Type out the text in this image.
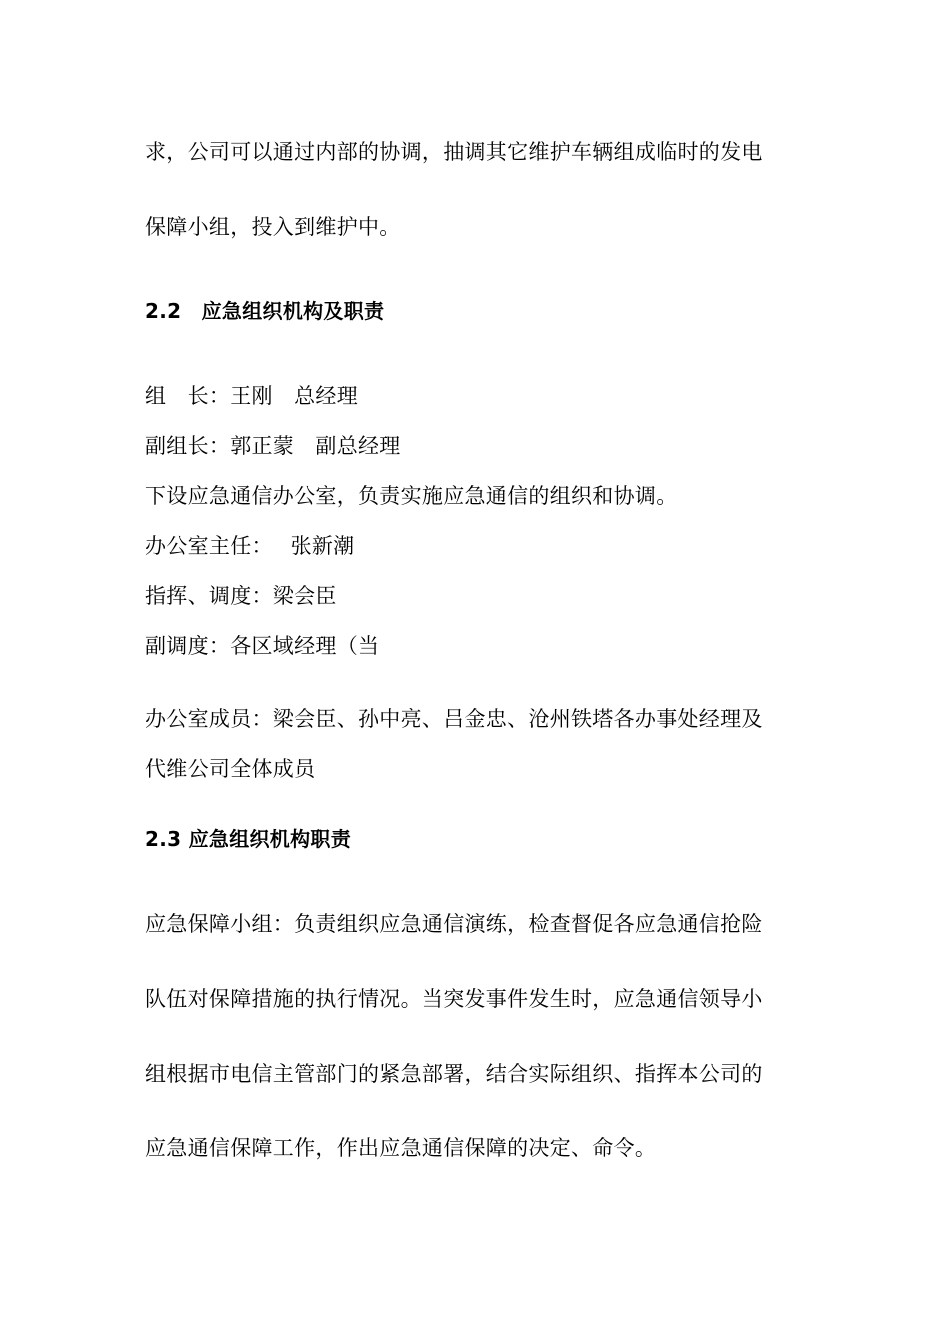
求，公司可以通过内部的协调，抽调其它维护车辆组成临时的发电
保障小组，投入到维护中。
2.2　应急组织机构及职责
组　长：王刚　总经理
副组长：郭正蒙　副总经理
下设应急通信办公室，负责实施应急通信的组织和协调。
办公室主任：　 张新潮
指挥、调度：梁会臣
副调度：各区域经理（当
办公室成员：梁会臣、孙中亮、吕金忠、沧州铁塔各办事处经理及
代维公司全体成员
2.3 应急组织机构职责
应急保障小组：负责组织应急通信演练，检查督促各应急通信抢险
队伍对保障措施的执行情况。当突发事件发生时，应急通信领导小
组根据市电信主管部门的紧急部署，结合实际组织、指挥本公司的
应急通信保障工作，作出应急通信保障的决定、命令。
